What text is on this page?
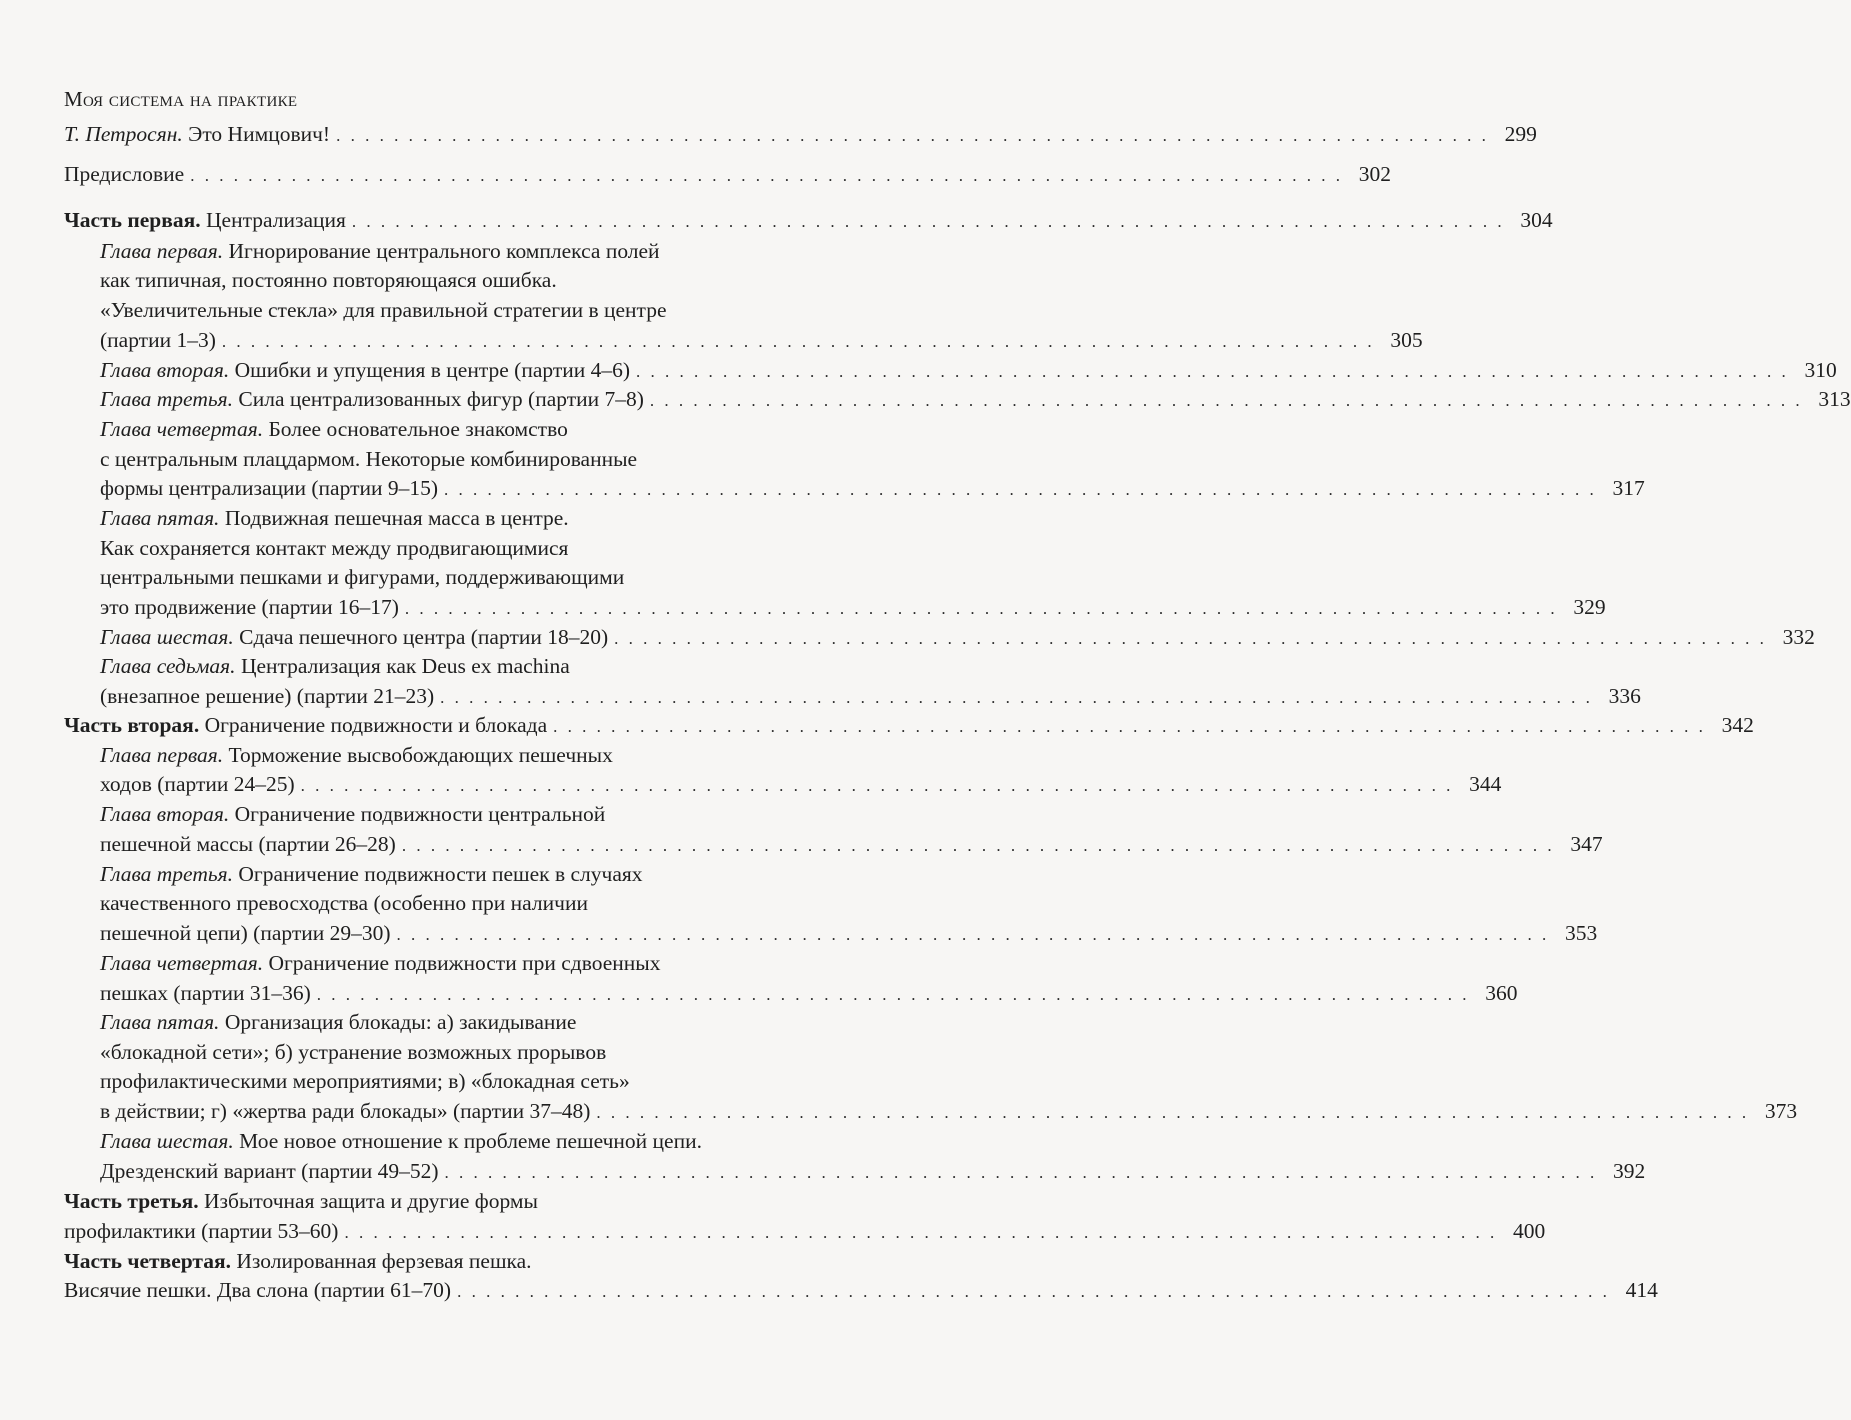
Моя система на практике
Т. Петросян. Это Нимцович! . . . . . . . . . . . . . . . . . . . . . . . . . . . . . . . . . . . . . . . . . . . . . . . . . . . . . . . . . . . . . . . . . . . . . . . . . . . . . . . . 299
Предисловие . . . . . . . . . . . . . . . . . . . . . . . . . . . . . . . . . . . . . . . . . . . . . . . . . . . . . . . . . . . . . . . . . . . . . . . . . . . . . . . . 302
Часть первая. Централизация . . . . . . . . . . . . . . . . . . . . . . . . . . . . . . . . . . . . . . . . . . . . . . . . . . . . . . . . . . . . . . . . . . . . . . . . . . . . . . . . 304
Глава первая. Игнорирование центрального комплекса полей
как типичная, постоянно повторяющаяся ошибка.
«Увеличительные стекла» для правильной стратегии в центре
(партии 1–3) . . . . . . . . . . . . . . . . . . . . . . . . . . . . . . . . . . . . . . . . . . . . . . . . . . . . . . . . . . . . . . . . . . . . . . . . . . . . . . . . 305
Глава вторая. Ошибки и упущения в центре (партии 4–6) . . . . . . . . . . . . . . . . . . . . . . . . . . . . . . . . . . . . . . . . . . . . . . . . . . . . . . . . . . . . . . . . . . . . . . . . . . . . . . . . 310
Глава третья. Сила централизованных фигур (партии 7–8) . . . . . . . . . . . . . . . . . . . . . . . . . . . . . . . . . . . . . . . . . . . . . . . . . . . . . . . . . . . . . . . . . . . . . . . . . . . . . . . . 313
Глава четвертая. Более основательное знакомство
с центральным плацдармом. Некоторые комбинированные
формы централизации (партии 9–15) . . . . . . . . . . . . . . . . . . . . . . . . . . . . . . . . . . . . . . . . . . . . . . . . . . . . . . . . . . . . . . . . . . . . . . . . . . . . . . . . 317
Глава пятая. Подвижная пешечная масса в центре.
Как сохраняется контакт между продвигающимися
центральными пешками и фигурами, поддерживающими
это продвижение (партии 16–17) . . . . . . . . . . . . . . . . . . . . . . . . . . . . . . . . . . . . . . . . . . . . . . . . . . . . . . . . . . . . . . . . . . . . . . . . . . . . . . . . 329
Глава шестая. Сдача пешечного центра (партии 18–20) . . . . . . . . . . . . . . . . . . . . . . . . . . . . . . . . . . . . . . . . . . . . . . . . . . . . . . . . . . . . . . . . . . . . . . . . . . . . . . . . 332
Глава седьмая. Централизация как Deus ex machina
(внезапное решение) (партии 21–23) . . . . . . . . . . . . . . . . . . . . . . . . . . . . . . . . . . . . . . . . . . . . . . . . . . . . . . . . . . . . . . . . . . . . . . . . . . . . . . . . 336
Часть вторая. Ограничение подвижности и блокада . . . . . . . . . . . . . . . . . . . . . . . . . . . . . . . . . . . . . . . . . . . . . . . . . . . . . . . . . . . . . . . . . . . . . . . . . . . . . . . . 342
Глава первая. Торможение высвобождающих пешечных
ходов (партии 24–25) . . . . . . . . . . . . . . . . . . . . . . . . . . . . . . . . . . . . . . . . . . . . . . . . . . . . . . . . . . . . . . . . . . . . . . . . . . . . . . . . 344
Глава вторая. Ограничение подвижности центральной
пешечной массы (партии 26–28) . . . . . . . . . . . . . . . . . . . . . . . . . . . . . . . . . . . . . . . . . . . . . . . . . . . . . . . . . . . . . . . . . . . . . . . . . . . . . . . . 347
Глава третья. Ограничение подвижности пешек в случаях
качественного превосходства (особенно при наличии
пешечной цепи) (партии 29–30) . . . . . . . . . . . . . . . . . . . . . . . . . . . . . . . . . . . . . . . . . . . . . . . . . . . . . . . . . . . . . . . . . . . . . . . . . . . . . . . . 353
Глава четвертая. Ограничение подвижности при сдвоенных
пешках (партии 31–36) . . . . . . . . . . . . . . . . . . . . . . . . . . . . . . . . . . . . . . . . . . . . . . . . . . . . . . . . . . . . . . . . . . . . . . . . . . . . . . . . 360
Глава пятая. Организация блокады: а) закидывание
«блокадной сети»; б) устранение возможных прорывов
профилактическими мероприятиями; в) «блокадная сеть»
в действии; г) «жертва ради блокады» (партии 37–48) . . . . . . . . . . . . . . . . . . . . . . . . . . . . . . . . . . . . . . . . . . . . . . . . . . . . . . . . . . . . . . . . . . . . . . . . . . . . . . . . 373
Глава шестая. Мое новое отношение к проблеме пешечной цепи.
Дрезденский вариант (партии 49–52) . . . . . . . . . . . . . . . . . . . . . . . . . . . . . . . . . . . . . . . . . . . . . . . . . . . . . . . . . . . . . . . . . . . . . . . . . . . . . . . . 392
Часть третья. Избыточная защита и другие формы
профилактики (партии 53–60) . . . . . . . . . . . . . . . . . . . . . . . . . . . . . . . . . . . . . . . . . . . . . . . . . . . . . . . . . . . . . . . . . . . . . . . . . . . . . . . . 400
Часть четвертая. Изолированная ферзевая пешка.
Висячие пешки. Два слона (партии 61–70) . . . . . . . . . . . . . . . . . . . . . . . . . . . . . . . . . . . . . . . . . . . . . . . . . . . . . . . . . . . . . . . . . . . . . . . . . . . . . . . . 414
